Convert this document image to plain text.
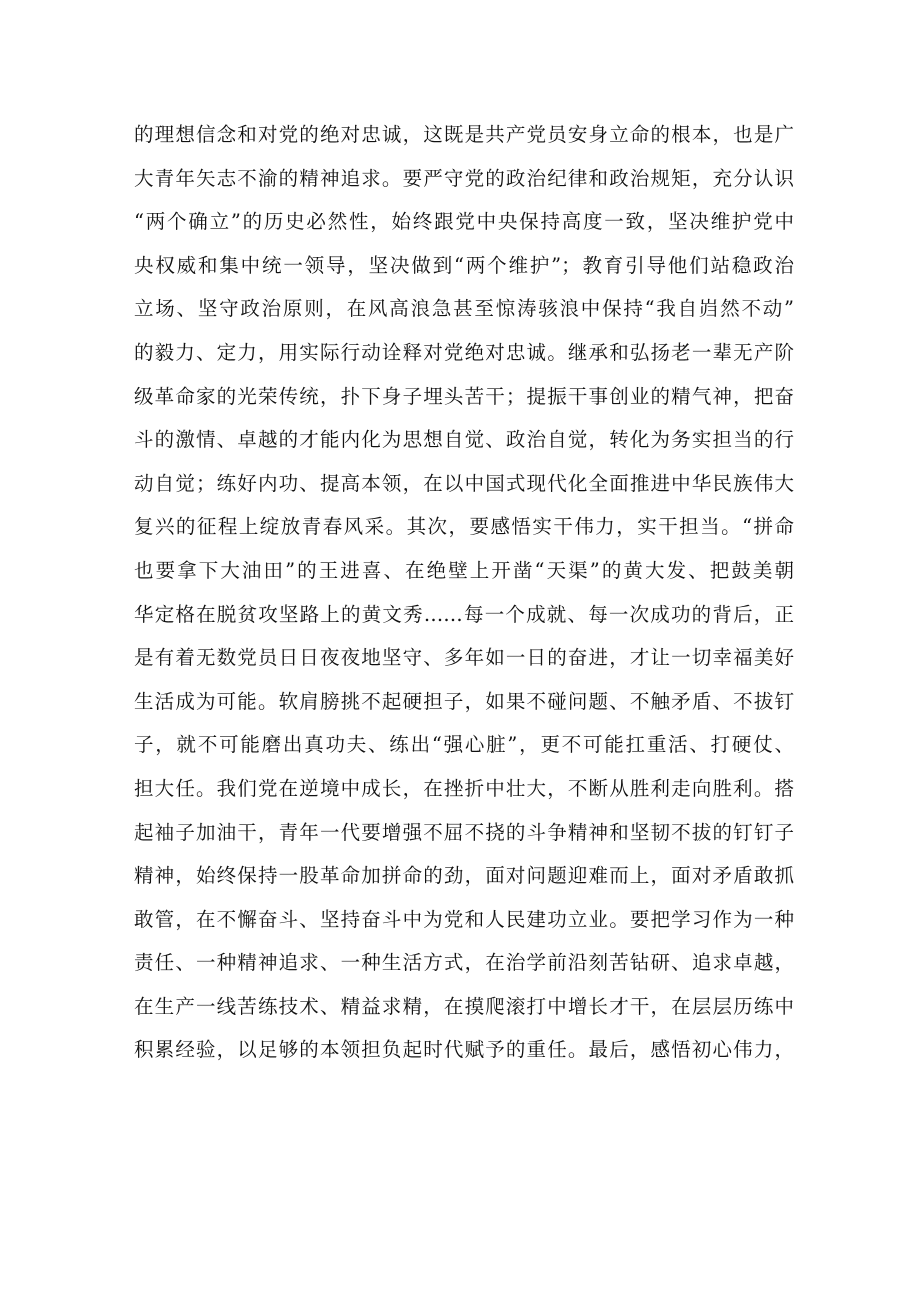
的理想信念和对党的绝对忠诚，这既是共产党员安身立命的根本，也是广
大青年矢志不渝的精神追求。要严守党的政治纪律和政治规矩，充分认识
“两个确立”的历史必然性，始终跟党中央保持高度一致，坚决维护党中
央权威和集中统一领导，坚决做到“两个维护”；教育引导他们站稳政治
立场、坚守政治原则，在风高浪急甚至惊涛骇浪中保持“我自岿然不动”
的毅力、定力，用实际行动诠释对党绝对忠诚。继承和弘扬老一辈无产阶
级革命家的光荣传统，扑下身子埋头苦干；提振干事创业的精气神，把奋
斗的激情、卓越的才能内化为思想自觉、政治自觉，转化为务实担当的行
动自觉；练好内功、提高本领，在以中国式现代化全面推进中华民族伟大
复兴的征程上绽放青春风采。其次，要感悟实干伟力，实干担当。“拼命
也要拿下大油田”的王进喜、在绝壁上开凿“天渠”的黄大发、把鼓美朝
华定格在脱贫攻坚路上的黄文秀……每一个成就、每一次成功的背后，正
是有着无数党员日日夜夜地坚守、多年如一日的奋进，才让一切幸福美好
生活成为可能。软肩膀挑不起硬担子，如果不碰问题、不触矛盾、不拔钉
子，就不可能磨出真功夫、练出“强心脏”，更不可能扛重活、打硬仗、
担大任。我们党在逆境中成长，在挫折中壮大，不断从胜利走向胜利。搭
起袖子加油干，青年一代要增强不屈不挠的斗争精神和坚韧不拔的钉钉子
精神，始终保持一股革命加拼命的劲，面对问题迎难而上，面对矛盾敢抓
敢管，在不懈奋斗、坚持奋斗中为党和人民建功立业。要把学习作为一种
责任、一种精神追求、一种生活方式，在治学前沿刻苦钻研、追求卓越，
在生产一线苦练技术、精益求精，在摸爬滚打中增长才干，在层层历练中
积累经验，以足够的本领担负起时代赋予的重任。最后，感悟初心伟力，
